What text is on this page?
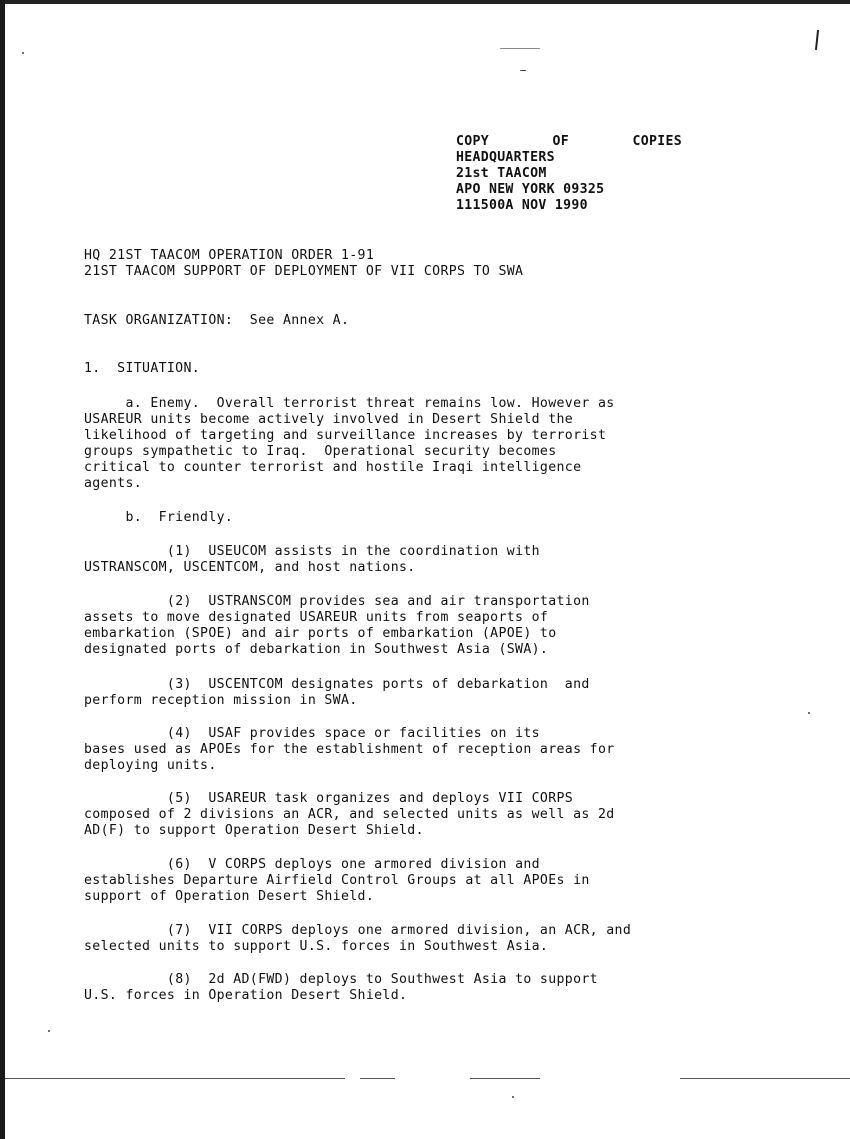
COPY	OF	COPIES
HEADQUARTERS
21st TAACOM
APO NEW YORK 09325
111500A NOV 1990
HQ 21ST TAACOM OPERATION ORDER 1-91
21ST TAACOM SUPPORT OF DEPLOYMENT OF VII CORPS TO SWA
TASK ORGANIZATION:  See Annex A.
1.  SITUATION.
a. Enemy.  Overall terrorist threat remains low. However as
USAREUR units become actively involved in Desert Shield the
likelihood of targeting and surveillance increases by terrorist
groups sympathetic to Iraq.  Operational security becomes
critical to counter terrorist and hostile Iraqi intelligence
agents.
b.  Friendly.
(1)  USEUCOM assists in the coordination with
USTRANSCOM, USCENTCOM, and host nations.
(2)  USTRANSCOM provides sea and air transportation
assets to move designated USAREUR units from seaports of
embarkation (SPOE) and air ports of embarkation (APOE) to
designated ports of debarkation in Southwest Asia (SWA).
(3)  USCENTCOM designates ports of debarkation  and
perform reception mission in SWA.
(4)  USAF provides space or facilities on its
bases used as APOEs for the establishment of reception areas for
deploying units.
(5)  USAREUR task organizes and deploys VII CORPS
composed of 2 divisions an ACR, and selected units as well as 2d
AD(F) to support Operation Desert Shield.
(6)  V CORPS deploys one armored division and
establishes Departure Airfield Control Groups at all APOEs in
support of Operation Desert Shield.
(7)  VII CORPS deploys one armored division, an ACR, and
selected units to support U.S. forces in Southwest Asia.
(8)  2d AD(FWD) deploys to Southwest Asia to support
U.S. forces in Operation Desert Shield.
